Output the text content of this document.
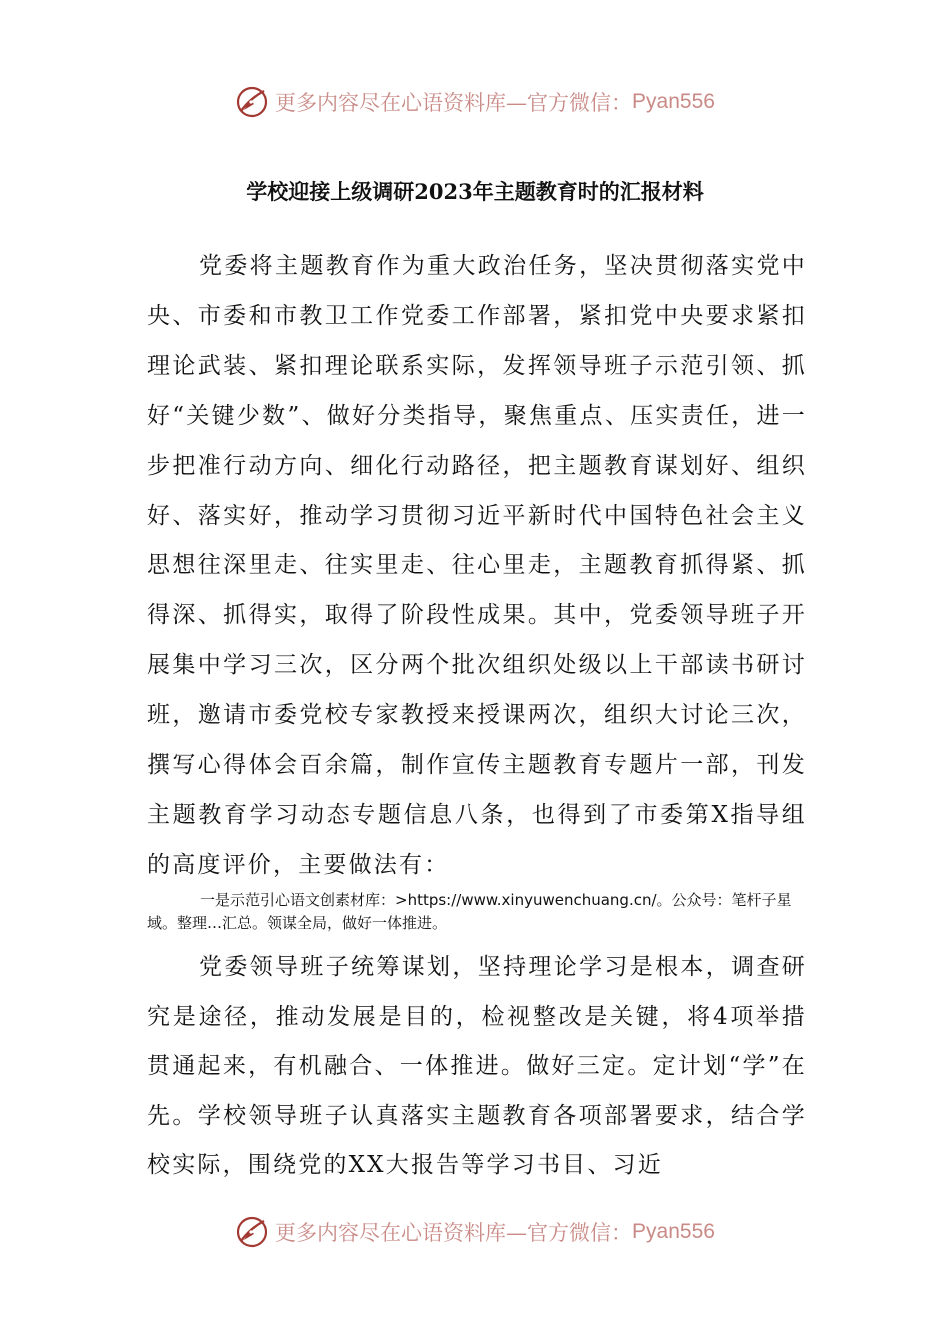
更多内容尽在心语资料库—官方微信： Pyan556
学校迎接上级调研2023年主题教育时的汇报材料

党委将主题教育作为重大政治任务，坚决贯彻落实党中央、市委和市教卫工作党委工作部署，紧扣党中央要求紧扣理论武装、紧扣理论联系实际，发挥领导班子示范引领、抓好“关键少数”、做好分类指导，聚焦重点、压实责任，进一步把准行动方向、细化行动路径，把主题教育谋划好、组织好、落实好，推动学习贯彻习近平新时代中国特色社会主义思想往深里走、往实里走、往心里走，主题教育抓得紧、抓得深、抓得实，取得了阶段性成果。其中，党委领导班子开展集中学习三次，区分两个批次组织处级以上干部读书研讨班，邀请市委党校专家教授来授课两次，组织大讨论三次，撰写心得体会百余篇，制作宣传主题教育专题片一部，刊发主题教育学习动态专题信息八条，也得到了市委第X指导组的高度评价，主要做法有：

一是示范引心语文创素材库：>https://www.xinyuwenchuang.cn/。公众号：笔杆子星域。整理…汇总。领谋全局，做好一体推进。

党委领导班子统筹谋划，坚持理论学习是根本，调查研究是途径，推动发展是目的，检视整改是关键，将4项举措贯通起来，有机融合、一体推进。做好三定。定计划“学”在先。学校领导班子认真落实主题教育各项部署要求，结合学校实际，围绕党的XX大报告等学习书目、习近

更多内容尽在心语资料库—官方微信： Pyan556
